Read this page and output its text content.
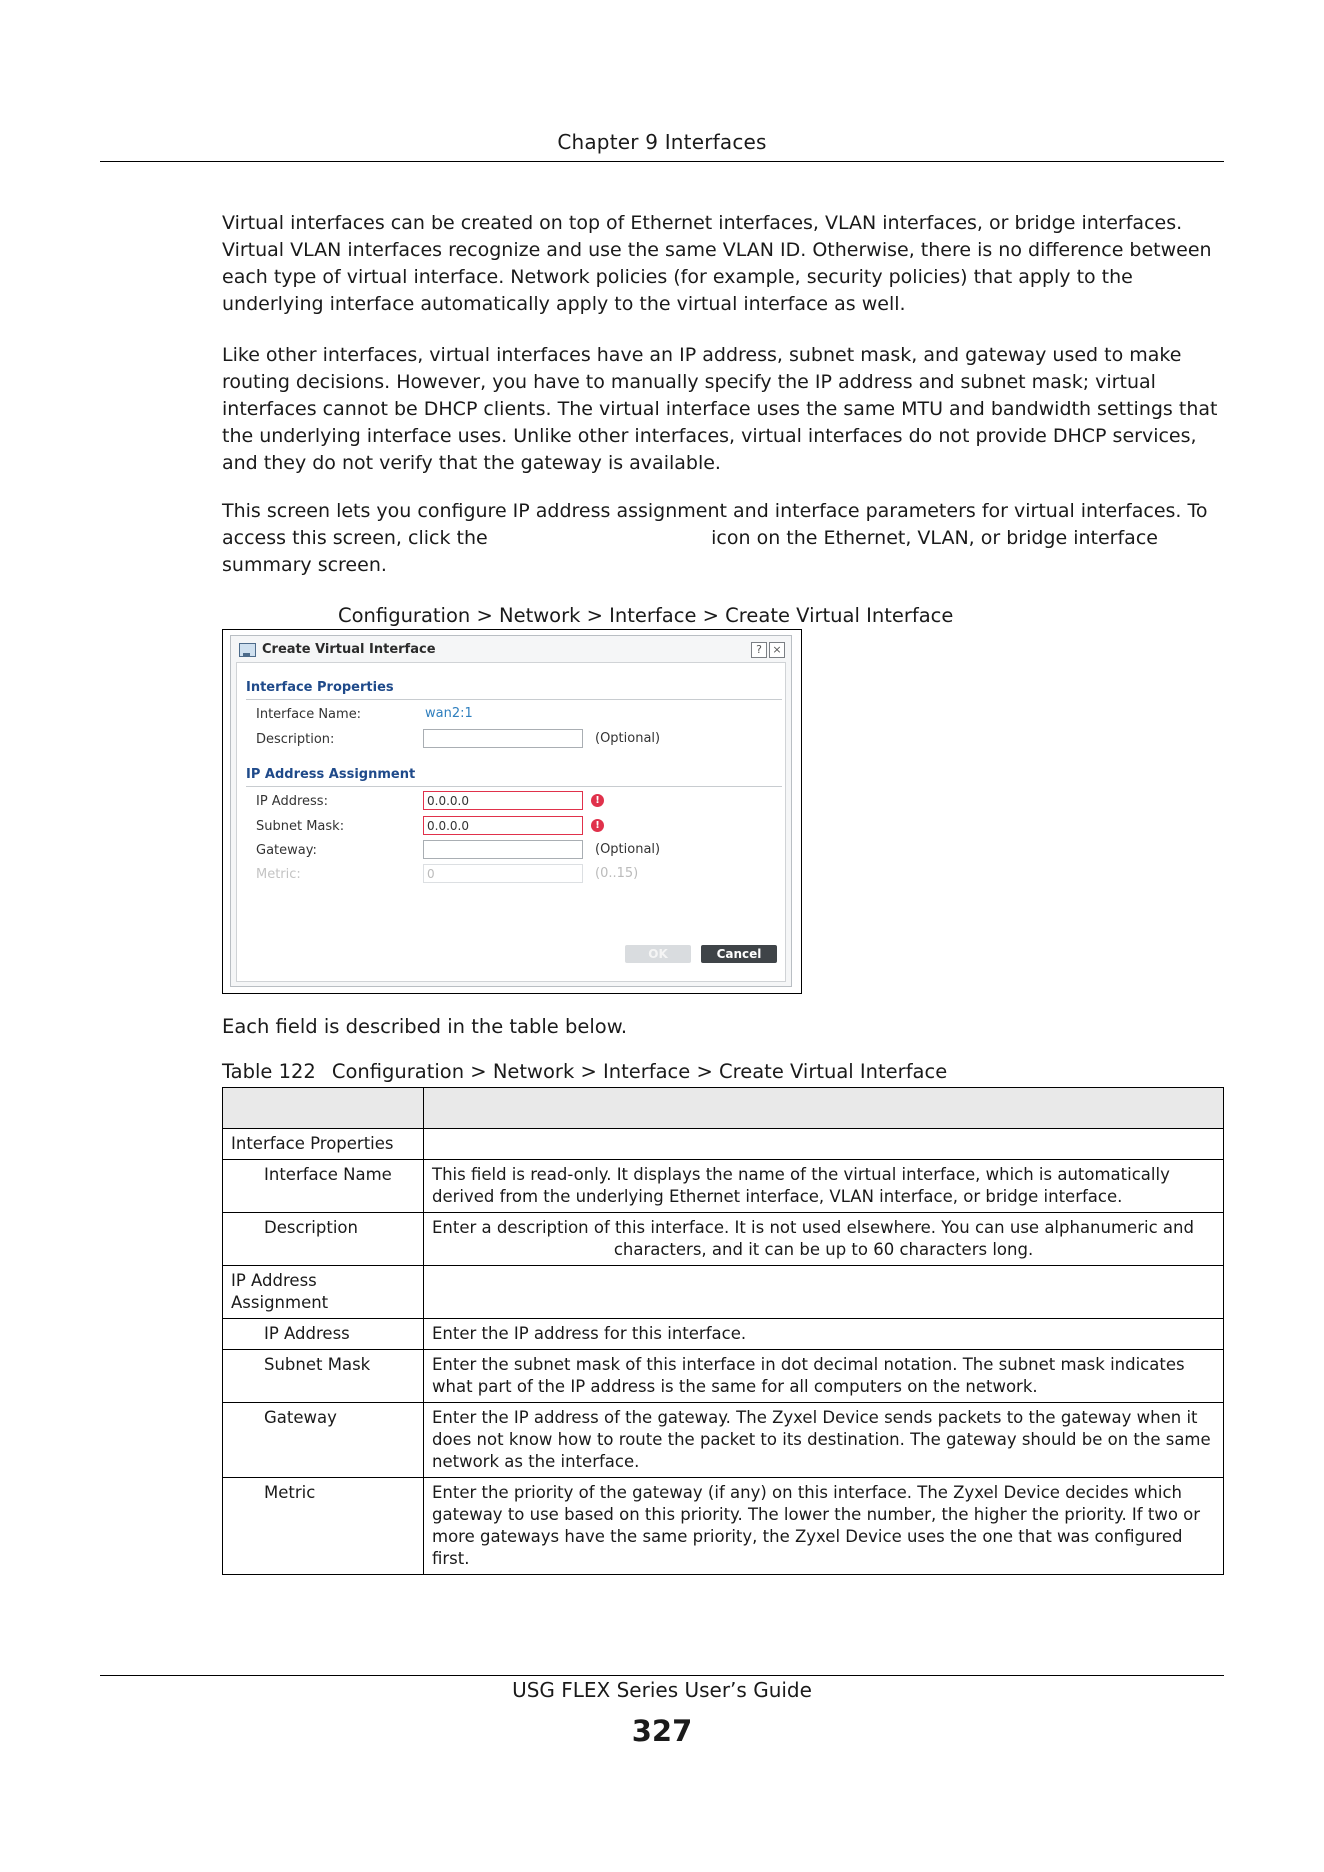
Chapter 9 Interfaces

Virtual interfaces can be created on top of Ethernet interfaces, VLAN interfaces, or bridge interfaces.
Virtual VLAN interfaces recognize and use the same VLAN ID. Otherwise, there is no difference between
each type of virtual interface. Network policies (for example, security policies) that apply to the
underlying interface automatically apply to the virtual interface as well.

Like other interfaces, virtual interfaces have an IP address, subnet mask, and gateway used to make
routing decisions. However, you have to manually specify the IP address and subnet mask; virtual
interfaces cannot be DHCP clients. The virtual interface uses the same MTU and bandwidth settings that
the underlying interface uses. Unlike other interfaces, virtual interfaces do not provide DHCP services,
and they do not verify that the gateway is available.

This screen lets you configure IP address assignment and interface parameters for virtual interfaces. To
access this screen, click the                                     icon on the Ethernet, VLAN, or bridge interface
summary screen.

Configuration > Network > Interface > Create Virtual Interface
Create Virtual Interface	? ×
Interface Properties
Interface Name:	wan2:1
Description:	(Optional)
IP Address Assignment
IP Address:	0.0.0.0	!
Subnet Mask:	0.0.0.0	!
Gateway:	(Optional)
Metric:	0	(0..15)
OK	Cancel
Each field is described in the table below.
Table 122 Configuration > Network > Interface > Create Virtual Interface

Interface Properties	
Interface Name	This field is read-only. It displays the name of the virtual interface, which is automatically derived from the underlying Ethernet interface, VLAN interface, or bridge interface.
Description	Enter a description of this interface. It is not used elsewhere. You can use alphanumeric and
characters, and it can be up to 60 characters long.

IP Address Assignment	
IP Address	Enter the IP address for this interface.
Subnet Mask	Enter the subnet mask of this interface in dot decimal notation. The subnet mask indicates what part of the IP address is the same for all computers on the network.
Gateway	Enter the IP address of the gateway. The Zyxel Device sends packets to the gateway when it does not know how to route the packet to its destination. The gateway should be on the same network as the interface.
Metric	Enter the priority of the gateway (if any) on this interface. The Zyxel Device decides which gateway to use based on this priority. The lower the number, the higher the priority. If two or more gateways have the same priority, the Zyxel Device uses the one that was configured first.
USG FLEX Series User’s Guide
327
